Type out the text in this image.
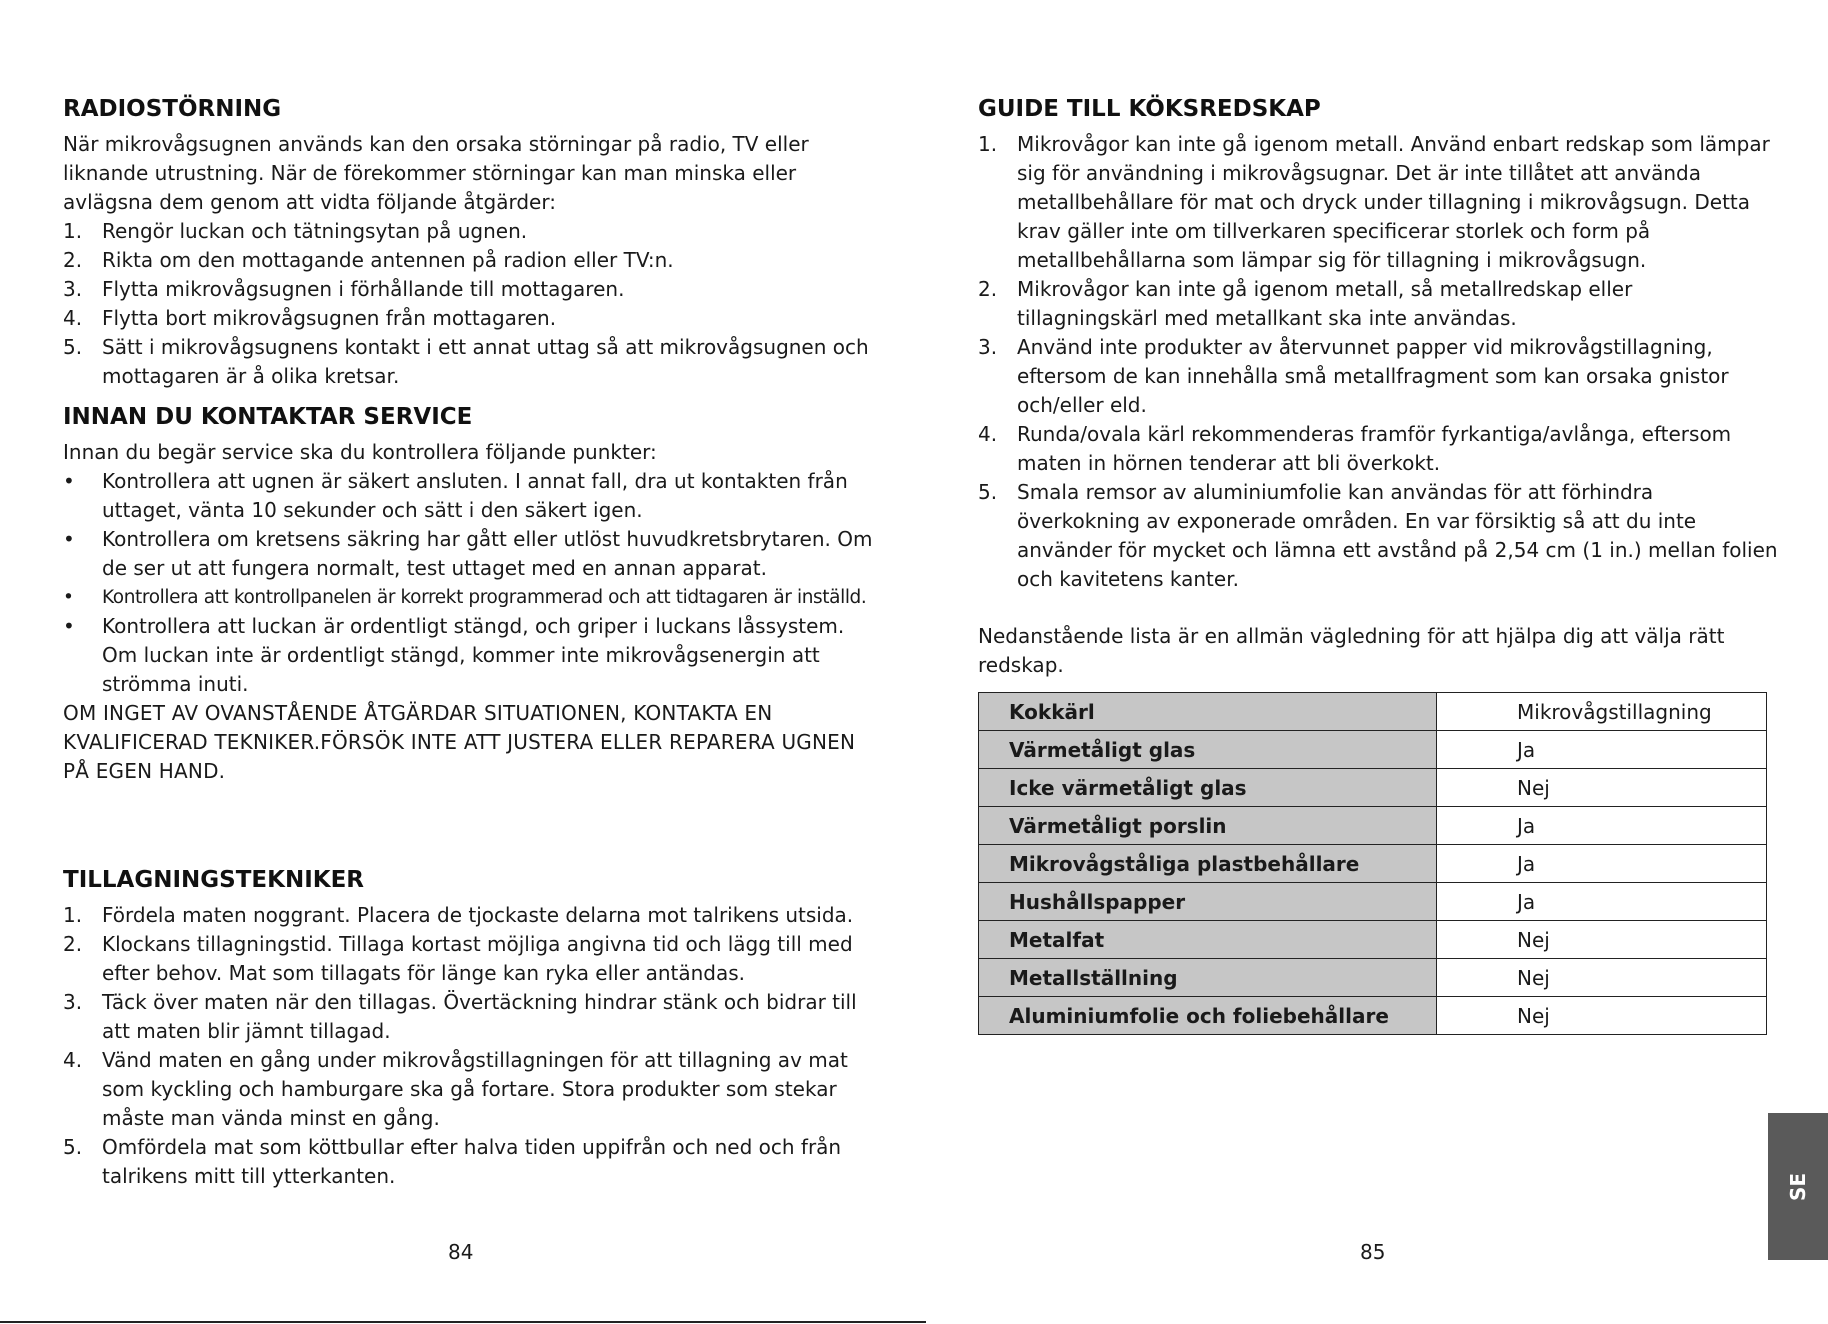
RADIOSTÖRNING

När mikrovågsugnen används kan den orsaka störningar på radio, TV eller liknande utrustning. När de förekommer störningar kan man minska eller avlägsna dem genom att vidta följande åtgärder:

1. Rengör luckan och tätningsytan på ugnen.
2. Rikta om den mottagande antennen på radion eller TV:n.
3. Flytta mikrovågsugnen i förhållande till mottagaren.
4. Flytta bort mikrovågsugnen från mottagaren.
5. Sätt i mikrovågsugnens kontakt i ett annat uttag så att mikrovågsugnen och mottagaren är å olika kretsar.
INNAN DU KONTAKTAR SERVICE

Innan du begär service ska du kontrollera följande punkter:

•	Kontrollera att ugnen är säkert ansluten. I annat fall, dra ut kontakten från uttaget, vänta 10 sekunder och sätt i den säkert igen.
•	Kontrollera om kretsens säkring har gått eller utlöst huvudkretsbrytaren. Om de ser ut att fungera normalt, test uttaget med en annan apparat.
•	Kontrollera att kontrollpanelen är korrekt programmerad och att tidtagaren är inställd.
•	Kontrollera att luckan är ordentligt stängd, och griper i luckans låssystem. Om luckan inte är ordentligt stängd, kommer inte mikrovågsenergin att strömma inuti.

OM INGET AV OVANSTÅENDE ÅTGÄRDAR SITUATIONEN, KONTAKTA EN KVALIFICERAD TEKNIKER.FÖRSÖK INTE ATT JUSTERA ELLER REPARERA UGNEN PÅ EGEN HAND.

TILLAGNINGSTEKNIKER
1. Fördela maten noggrant. Placera de tjockaste delarna mot talrikens utsida.
2. Klockans tillagningstid. Tillaga kortast möjliga angivna tid och lägg till med efter behov. Mat som tillagats för länge kan ryka eller antändas.
3. Täck över maten när den tillagas. Övertäckning hindrar stänk och bidrar till att maten blir jämnt tillagad.
4. Vänd maten en gång under mikrovågstillagningen för att tillagning av mat som kyckling och hamburgare ska gå fortare. Stora produkter som stekar måste man vända minst en gång.
5. Omfördela mat som köttbullar efter halva tiden uppifrån och ned och från talrikens mitt till ytterkanten.
84
GUIDE TILL KÖKSREDSKAP
1. Mikrovågor kan inte gå igenom metall. Använd enbart redskap som lämpar sig för användning i mikrovågsugnar. Det är inte tillåtet att använda metallbehållare för mat och dryck under tillagning i mikrovågsugn. Detta krav gäller inte om tillverkaren specificerar storlek och form på metallbehållarna som lämpar sig för tillagning i mikrovågsugn.
2. Mikrovågor kan inte gå igenom metall, så metallredskap eller tillagningskärl med metallkant ska inte användas.
3. Använd inte produkter av återvunnet papper vid mikrovågstillagning, eftersom de kan innehålla små metallfragment som kan orsaka gnistor och/eller eld.
4. Runda/ovala kärl rekommenderas framför fyrkantiga/avlånga, eftersom maten in hörnen tenderar att bli överkokt.
5. Smala remsor av aluminiumfolie kan användas för att förhindra överkokning av exponerade områden. En var försiktig så att du inte använder för mycket och lämna ett avstånd på 2,54 cm (1 in.) mellan folien och kavitetens kanter.

Nedanstående lista är en allmän vägledning för att hjälpa dig att välja rätt redskap.

Kokkärl	Mikrovågstillagning
Värmetåligt glas	Ja
Icke värmetåligt glas	Nej
Värmetåligt porslin	Ja
Mikrovågståliga plastbehållare	Ja
Hushållspapper	Ja
Metalfat	Nej
Metallställning	Nej
Aluminiumfolie och foliebehållare	Nej
85
SE
